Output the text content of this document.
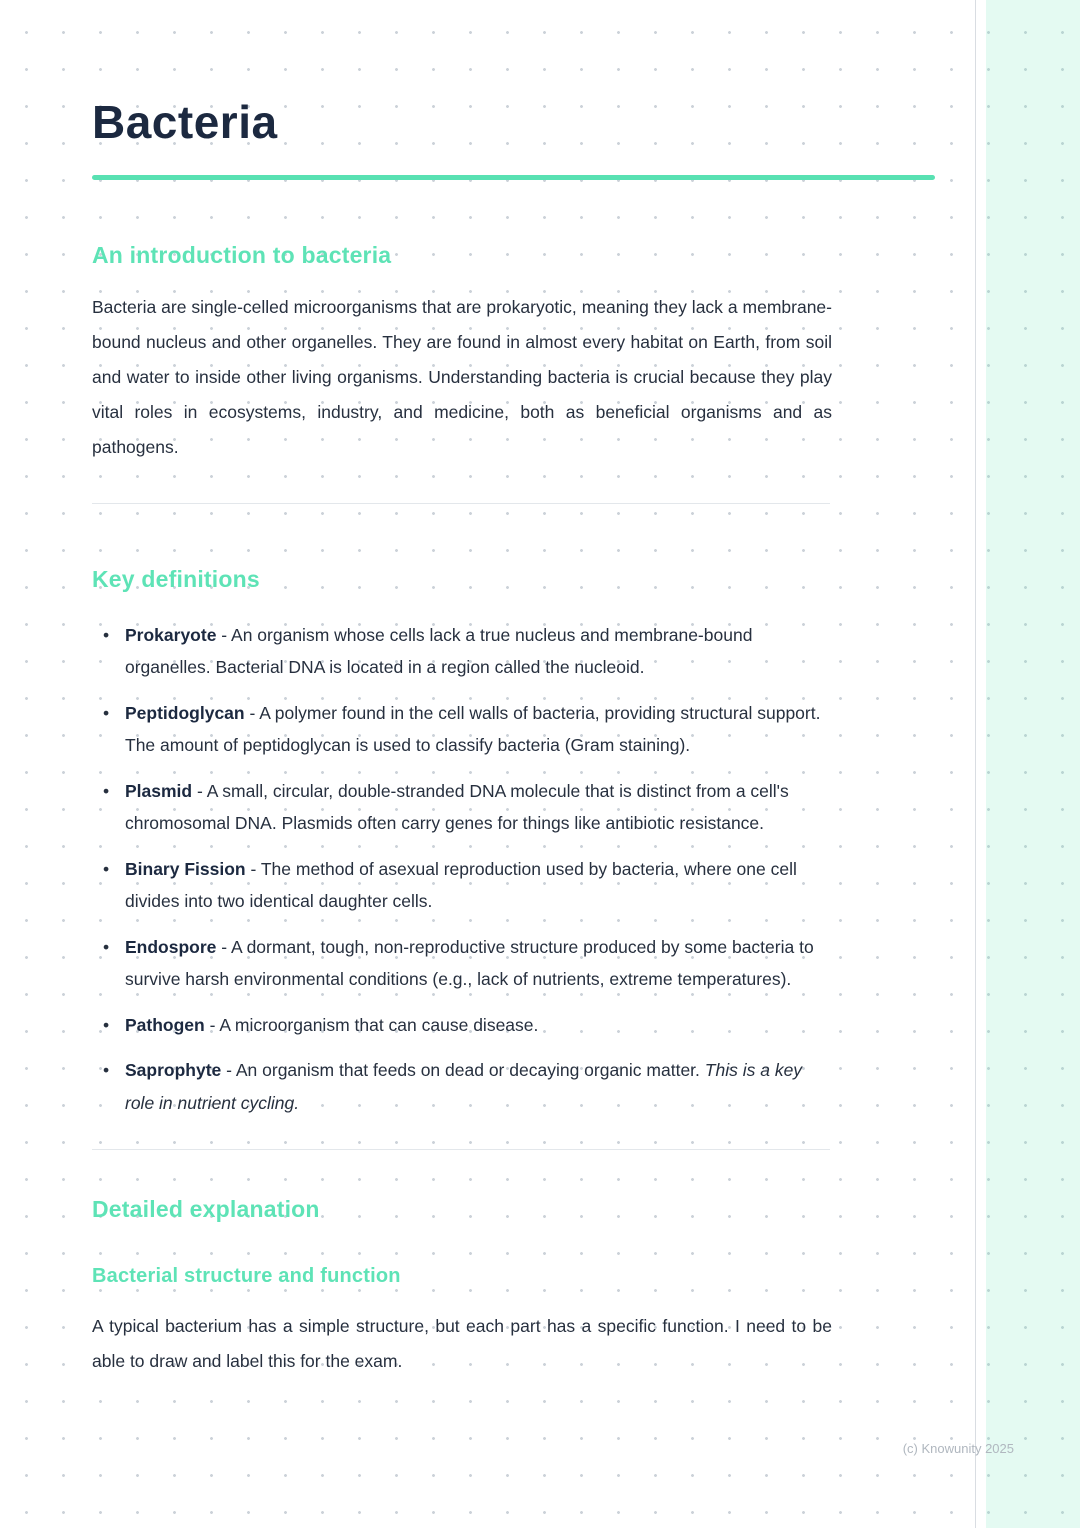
Bacteria
An introduction to bacteria

Bacteria are single-celled microorganisms that are prokaryotic, meaning they lack a membrane-bound nucleus and other organelles. They are found in almost every habitat on Earth, from soil and water to inside other living organisms. Understanding bacteria is crucial because they play vital roles in ecosystems, industry, and medicine, both as beneficial organisms and as pathogens.

Key definitions
• Prokaryote - An organism whose cells lack a true nucleus and membrane-bound organelles. Bacterial DNA is located in a region called the nucleoid.
• Peptidoglycan - A polymer found in the cell walls of bacteria, providing structural support. The amount of peptidoglycan is used to classify bacteria (Gram staining).
• Plasmid - A small, circular, double-stranded DNA molecule that is distinct from a cell's chromosomal DNA. Plasmids often carry genes for things like antibiotic resistance.
• Binary Fission - The method of asexual reproduction used by bacteria, where one cell divides into two identical daughter cells.
• Endospore - A dormant, tough, non-reproductive structure produced by some bacteria to survive harsh environmental conditions (e.g., lack of nutrients, extreme temperatures).
• Pathogen - A microorganism that can cause disease.
• Saprophyte - An organism that feeds on dead or decaying organic matter. This is a key role in nutrient cycling.
Detailed explanation
Bacterial structure and function

A typical bacterium has a simple structure, but each part has a specific function. I need to be able to draw and label this for the exam.

(c) Knowunity 2025
